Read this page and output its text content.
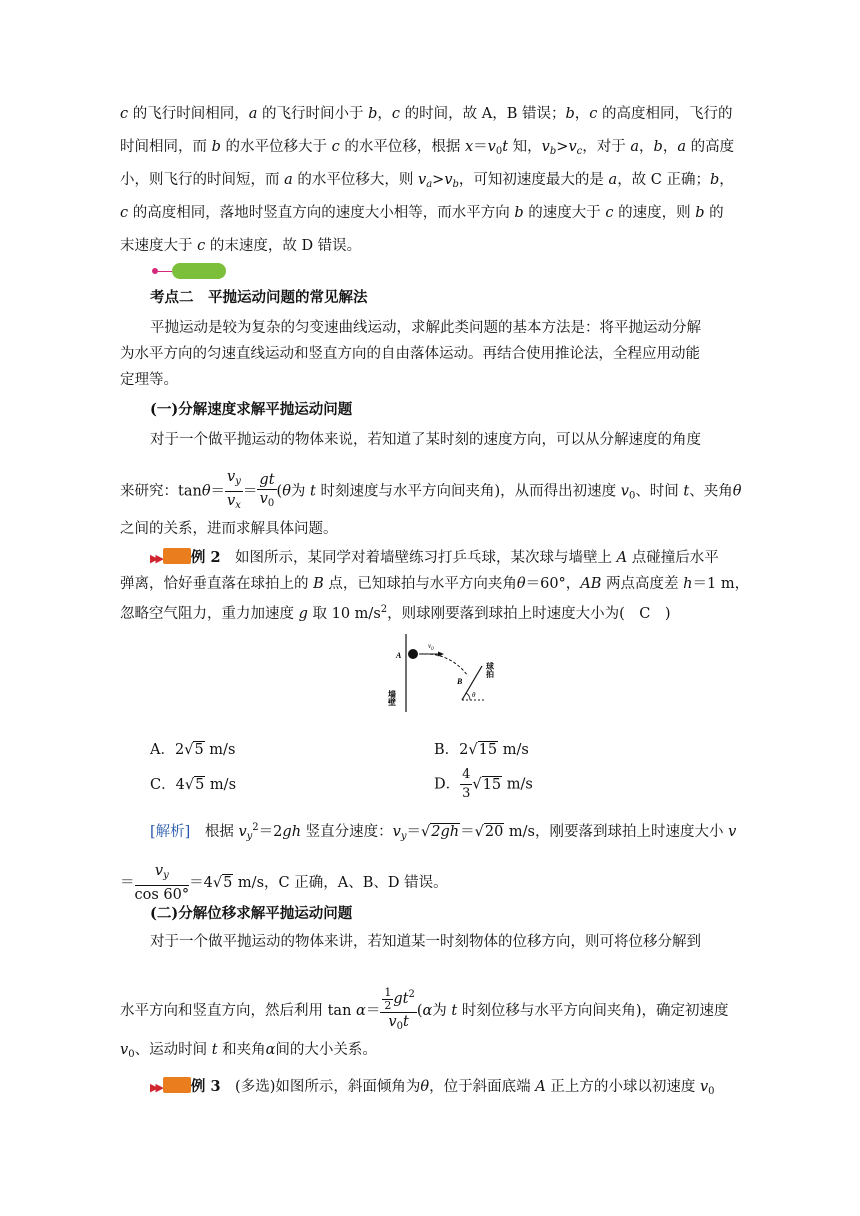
c 的飞行时间相同，a 的飞行时间小于 b，c 的时间，故 A，B 错误；b，c 的高度相同，飞行的
时间相同，而 b 的水平位移大于 c 的水平位移，根据 $x=v_0t$ 知，$v_b>v_c$，对于 a，b，a 的高度
小，则飞行的时间短，而 a 的水平位移大，则 $v_a>v_b$，可知初速度最大的是 a，故 C 正确；b，
c 的高度相同，落地时竖直方向的速度大小相等，而水平方向 b 的速度大于 c 的速度，则 b 的
末速度大于 c 的末速度，故 D 错误。
考点二　平抛运动问题的常见解法
平抛运动是较为复杂的匀变速曲线运动，求解此类问题的基本方法是：将平抛运动分解
为水平方向的匀速直线运动和竖直方向的自由落体运动。再结合使用推论法，全程应用动能
定理等。
(一)分解速度求解平抛运动问题
对于一个做平抛运动的物体来说，若知道了某时刻的速度方向，可以从分解速度的角度
来研究：$\tan\theta= \frac{v_y}{v_x} = \frac{gt}{v_0} (\theta$为 t 时刻速度与水平方向间夹角)，从而得出初速度 $v_0$、时间 t、夹角θ
之间的关系，进而求解具体问题。
▶▶ 例 2　如图所示，某同学对着墙壁练习打乒乓球，某次球与墙壁上 A 点碰撞后水平
弹离，恰好垂直落在球拍上的 B 点，已知球拍与水平方向夹角θ＝60°，AB 两点高度差 h＝1 m，
忽略空气阻力，重力加速度 g 取 10 $m/s^2$，则球刚要落到球拍上时速度大小为(　C　)
A
B
$v_0$
θ
墙壁
球拍
A．2√5 m/s	B．2√15 m/s
C．4√5 m/s	D． $\frac{4}{3} √15$ m/s
[解析]　根据 $v_y^2=2gh$ 竖直分速度：$v_y=√2gh=√20$ m/s，刚要落到球拍上时速度大小 v
＝ $\frac{v_y}{\cos 60^\circ} =4√5$ m/s，C 正确，A、B、D 错误。
(二)分解位移求解平抛运动问题
对于一个做平抛运动的物体来讲，若知道某一时刻物体的位移方向，则可将位移分解到
水平方向和竖直方向，然后利用 $\tan \alpha= \frac{\frac{1}{2} gt^2}{v_0t} (\alpha$为 t 时刻位移与水平方向间夹角)，确定初速度
$v_0$、运动时间 t 和夹角α间的大小关系。
▶▶ 例 3　(多选)如图所示，斜面倾角为θ，位于斜面底端 A 正上方的小球以初速度 $v_0$
